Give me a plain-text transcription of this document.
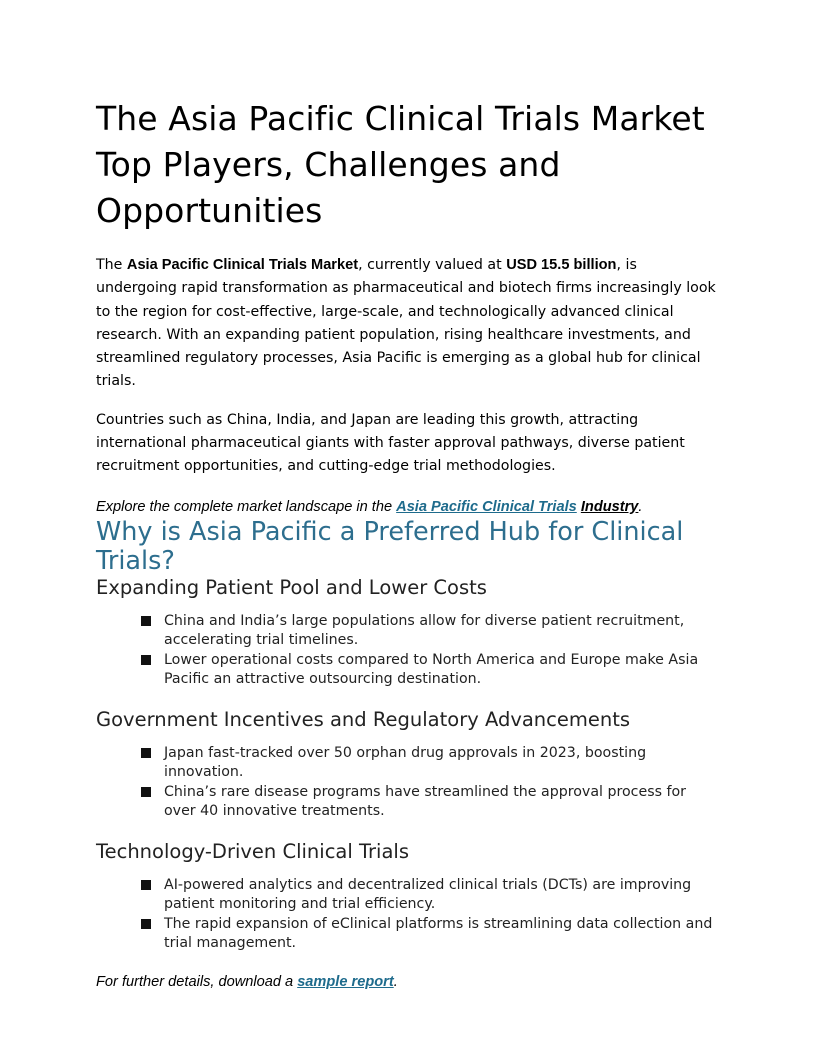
The Asia Pacific Clinical Trials Market Top Players, Challenges and Opportunities

The Asia Pacific Clinical Trials Market, currently valued at USD 15.5 billion, is undergoing rapid transformation as pharmaceutical and biotech firms increasingly look to the region for cost-effective, large-scale, and technologically advanced clinical research. With an expanding patient population, rising healthcare investments, and streamlined regulatory processes, Asia Pacific is emerging as a global hub for clinical trials.

Countries such as China, India, and Japan are leading this growth, attracting international pharmaceutical giants with faster approval pathways, diverse patient recruitment opportunities, and cutting-edge trial methodologies.

Explore the complete market landscape in the Asia Pacific Clinical Trials Industry.

Why is Asia Pacific a Preferred Hub for Clinical Trials?
Expanding Patient Pool and Lower Costs
China and India’s large populations allow for diverse patient recruitment, accelerating trial timelines.
Lower operational costs compared to North America and Europe make Asia Pacific an attractive outsourcing destination.
Government Incentives and Regulatory Advancements
Japan fast-tracked over 50 orphan drug approvals in 2023, boosting innovation.
China’s rare disease programs have streamlined the approval process for over 40 innovative treatments.
Technology-Driven Clinical Trials
AI-powered analytics and decentralized clinical trials (DCTs) are improving patient monitoring and trial efficiency.
The rapid expansion of eClinical platforms is streamlining data collection and trial management.

For further details, download a sample report.
